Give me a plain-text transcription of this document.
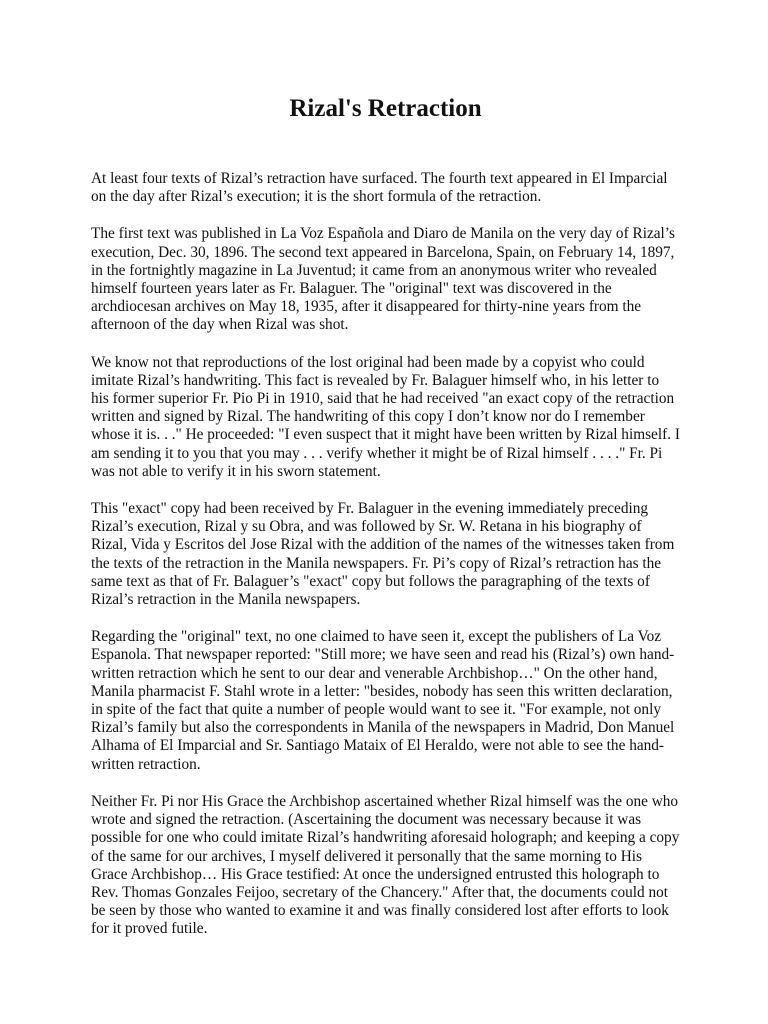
Rizal's Retraction

At least four texts of Rizal’s retraction have surfaced. The fourth text appeared in El Imparcial on the day after Rizal’s execution; it is the short formula of the retraction.

The first text was published in La Voz Española and Diaro de Manila on the very day of Rizal’s execution, Dec. 30, 1896. The second text appeared in Barcelona, Spain, on February 14, 1897, in the fortnightly magazine in La Juventud; it came from an anonymous writer who revealed himself fourteen years later as Fr. Balaguer. The "original" text was discovered in the archdiocesan archives on May 18, 1935, after it disappeared for thirty-nine years from the afternoon of the day when Rizal was shot.

We know not that reproductions of the lost original had been made by a copyist who could imitate Rizal’s handwriting. This fact is revealed by Fr. Balaguer himself who, in his letter to his former superior Fr. Pio Pi in 1910, said that he had received "an exact copy of the retraction written and signed by Rizal. The handwriting of this copy I don’t know nor do I remember whose it is. . ." He proceeded: "I even suspect that it might have been written by Rizal himself. I am sending it to you that you may . . . verify whether it might be of Rizal himself . . . ." Fr. Pi was not able to verify it in his sworn statement.

This "exact" copy had been received by Fr. Balaguer in the evening immediately preceding Rizal’s execution, Rizal y su Obra, and was followed by Sr. W. Retana in his biography of Rizal, Vida y Escritos del Jose Rizal with the addition of the names of the witnesses taken from the texts of the retraction in the Manila newspapers. Fr. Pi’s copy of Rizal’s retraction has the same text as that of Fr. Balaguer’s "exact" copy but follows the paragraphing of the texts of Rizal’s retraction in the Manila newspapers.

Regarding the "original" text, no one claimed to have seen it, except the publishers of La Voz Espanola. That newspaper reported: "Still more; we have seen and read his (Rizal’s) own hand-written retraction which he sent to our dear and venerable Archbishop…" On the other hand, Manila pharmacist F. Stahl wrote in a letter: "besides, nobody has seen this written declaration, in spite of the fact that quite a number of people would want to see it. "For example, not only Rizal’s family but also the correspondents in Manila of the newspapers in Madrid, Don Manuel Alhama of El Imparcial and Sr. Santiago Mataix of El Heraldo, were not able to see the hand-written retraction.

Neither Fr. Pi nor His Grace the Archbishop ascertained whether Rizal himself was the one who wrote and signed the retraction. (Ascertaining the document was necessary because it was possible for one who could imitate Rizal’s handwriting aforesaid holograph; and keeping a copy of the same for our archives, I myself delivered it personally that the same morning to His Grace Archbishop… His Grace testified: At once the undersigned entrusted this holograph to Rev. Thomas Gonzales Feijoo, secretary of the Chancery." After that, the documents could not be seen by those who wanted to examine it and was finally considered lost after efforts to look for it proved futile.
